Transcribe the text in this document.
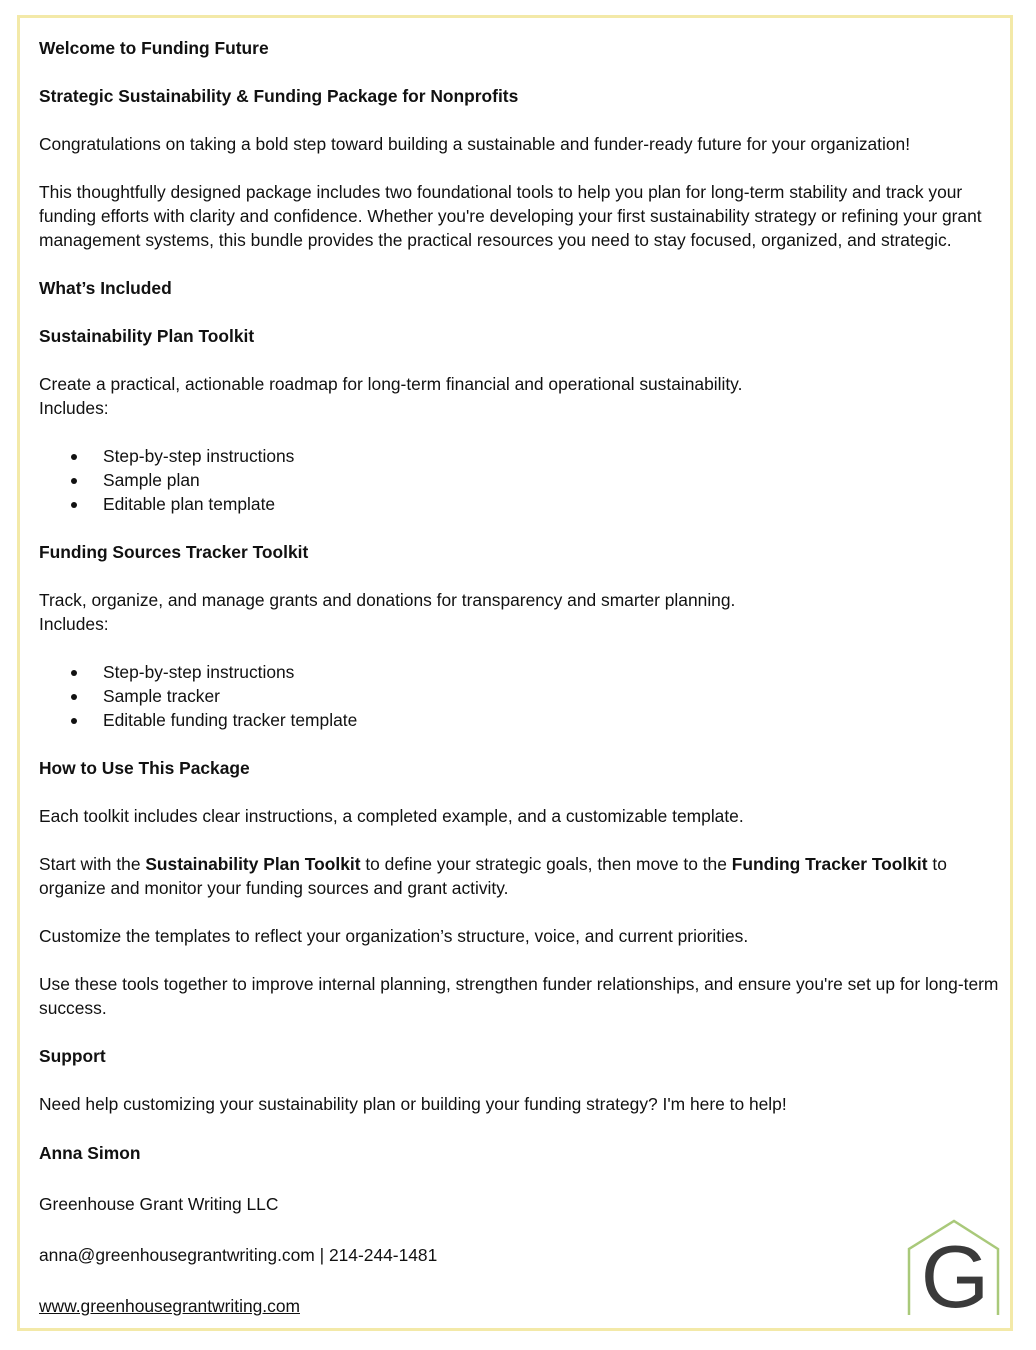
Welcome to Funding Future
Strategic Sustainability & Funding Package for Nonprofits

Congratulations on taking a bold step toward building a sustainable and funder-ready future for your organization!

This thoughtfully designed package includes two foundational tools to help you plan for long-term stability and track your funding efforts with clarity and confidence. Whether you're developing your first sustainability strategy or refining your grant management systems, this bundle provides the practical resources you need to stay focused, organized, and strategic.

What’s Included
Sustainability Plan Toolkit

Create a practical, actionable roadmap for long-term financial and operational sustainability.

Includes:

Step-by-step instructions
Sample plan
Editable plan template
Funding Sources Tracker Toolkit

Track, organize, and manage grants and donations for transparency and smarter planning.

Includes:

Step-by-step instructions
Sample tracker
Editable funding tracker template
How to Use This Package

Each toolkit includes clear instructions, a completed example, and a customizable template.

Start with the Sustainability Plan Toolkit to define your strategic goals, then move to the Funding Tracker Toolkit to organize and monitor your funding sources and grant activity.

Customize the templates to reflect your organization’s structure, voice, and current priorities.

Use these tools together to improve internal planning, strengthen funder relationships, and ensure you're set up for long-term success.

Support

Need help customizing your sustainability plan or building your funding strategy? I'm here to help!

Anna Simon

Greenhouse Grant Writing LLC

anna@greenhousegrantwriting.com | 214-244-1481

www.greenhousegrantwriting.com	G
